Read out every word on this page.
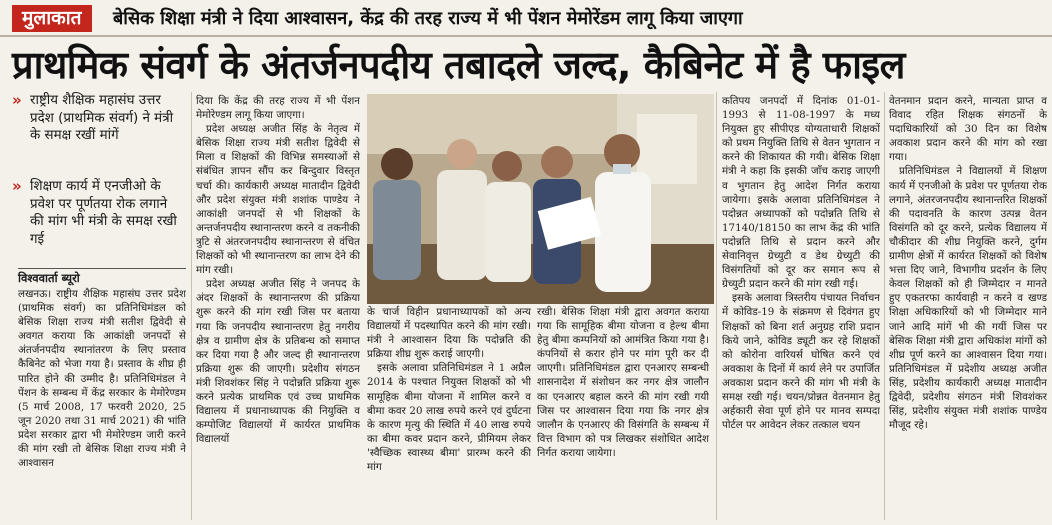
मुलाकात	बेसिक शिक्षा मंत्री ने दिया आश्वासन, केंद्र की तरह राज्य में भी पेंशन मेमोरेंडम लागू किया जाएगा
प्राथमिक संवर्ग के अंतर्जनपदीय तबादले जल्द, कैबिनेट में है फाइल
» राष्ट्रीय शैक्षिक महासंघ उत्तर प्रदेश (प्राथमिक संवर्ग) ने मंत्री के समक्ष रखीं मांगें
» शिक्षण कार्य में एनजीओ के प्रवेश पर पूर्णतया रोक लगाने की मांग भी मंत्री के समक्ष रखी गई
विश्ववार्ता ब्यूरो

लखनऊ। राष्ट्रीय शैक्षिक महासंघ उत्तर प्रदेश (प्राथमिक संवर्ग) का प्रतिनिधिमंडल को बेसिक शिक्षा राज्य मंत्री सतीश द्विवेदी से अवगत कराया कि आकांक्षी जनपदों से अंतर्जनपदीय स्थानांतरण के लिए प्रस्ताव कैबिनेट को भेजा गया है। प्रस्ताव के शीघ्र ही पारित होने की उम्मीद है। प्रतिनिधिमंडल ने पेंशन के सम्बन्ध में केंद्र सरकार के मेमोरेण्डम (5 मार्च 2008, 17 फरवरी 2020, 25 जून 2020 तथा 31 मार्च 2021) की भांति प्रदेश सरकार द्वारा भी मेमोरेण्डम जारी करने की मांग रखी तो बेसिक शिक्षा राज्य मंत्री ने आश्वासन

दिया कि केंद्र की तरह राज्य में भी पेंशन मेमोरेण्डम लागू किया जाएगा।

प्रदेश अध्यक्ष अजीत सिंह के नेतृत्व में बेसिक शिक्षा राज्य मंत्री सतीश द्विवेदी से मिला व शिक्षकों की विभिन्न समस्याओं से संबंधित ज्ञापन सौंप कर बिन्दुवार विस्तृत चर्चा की। कार्यकारी अध्यक्ष मातादीन द्विवेदी और प्रदेश संयुक्त मंत्री शशांक पाण्डेय ने आकांक्षी जनपदों से भी शिक्षकों के अन्तर्जनपदीय स्थानान्तरण करने व तकनीकी त्रुटि से अंतरजनपदीय स्थानान्तरण से वंचित शिक्षकों को भी स्थानान्तरण का लाभ देने की मांग रखी।

प्रदेश अध्यक्ष अजीत सिंह ने जनपद के अंदर शिक्षकों के स्थानान्तरण की प्रक्रिया शुरू करने की मांग रखी जिस पर बताया गया कि जनपदीय स्थानान्तरण हेतु नगरीय क्षेत्र व ग्रामीण क्षेत्र के प्रतिबन्ध को समाप्त कर दिया गया है और जल्द ही स्थानान्तरण प्रक्रिया शुरू की जाएगी। प्रदेशीय संगठन मंत्री शिवशंकर सिंह ने पदोन्नति प्रक्रिया शुरू करने प्रत्येक प्राथमिक एवं उच्च प्राथमिक विद्यालय में प्रधानाध्यापक की नियुक्ति व कम्पोजिट विद्यालयों में कार्यरत प्राथमिक विद्यालयों

के चार्ज विहीन प्रधानाध्यापकों को अन्य विद्यालयों में पदस्थापित करने की मांग रखी। मंत्री ने आश्वासन दिया कि पदोन्नति की प्रक्रिया शीघ्र शुरू कराई जाएगी।

इसके अलावा प्रतिनिधिमंडल ने 1 अप्रैल 2014 के पश्चात नियुक्त शिक्षकों को भी सामूहिक बीमा योजना में शामिल करने व बीमा कवर 20 लाख रुपये करने एवं दुर्घटना के कारण मृत्यु की स्थिति में 40 लाख रुपये का बीमा कवर प्रदान करने, प्रीमियम लेकर 'स्वैच्छिक स्वास्थ्य बीमा' प्रारम्भ करने की मांग

रखी। बेसिक शिक्षा मंत्री द्वारा अवगत कराया गया कि सामूहिक बीमा योजना व हेल्थ बीमा हेतु बीमा कम्पनियों को आमंत्रित किया गया है। कंपनियों से करार होने पर मांग पूरी कर दी जाएगी। प्रतिनिधिमंडल द्वारा एनआरए सम्बन्धी शासनादेश में संशोधन कर नगर क्षेत्र जालौन का एनआरए बहाल करने की मांग रखी गयी जिस पर आश्वासन दिया गया कि नगर क्षेत्र जालौन के एनआरए की विसंगति के सम्बन्ध में वित्त विभाग को पत्र लिखकर संशोधित आदेश निर्गत कराया जायेगा।

कतिपय जनपदों में दिनांक 01-01-1993 से 11-08-1997 के मध्य नियुक्त हुए सीपीएड योग्यताधारी शिक्षकों को प्रथम नियुक्ति तिथि से वेतन भुगतान न करने की शिकायत की गयी। बेसिक शिक्षा मंत्री ने कहा कि इसकी जाँच कराइ जाएगी व भुगतान हेतु आदेश निर्गत कराया जायेगा। इसके अलावा प्रतिनिधिमंडल ने पदोन्नत अध्यापकों को पदोन्नति तिथि से 17140/18150 का लाभ केंद्र की भांति पदोन्नति तिथि से प्रदान करने और सेवानिवृत्त ग्रेच्युटी व डेथ ग्रेच्युटी की विसंगतियों को दूर कर समान रूप से ग्रेच्युटी प्रदान करने की मांग रखी गई।

इसके अलावा त्रिस्तरीय पंचायत निर्वाचन में कोविड-19 के संक्रमण से दिवंगत हुए शिक्षकों को बिना शर्त अनुग्रह राशि प्रदान किये जाने, कोविड ड्यूटी कर रहे शिक्षकों को कोरोना वारियर्स घोषित करने एवं अवकाश के दिनों में कार्य लेने पर उपार्जित अवकाश प्रदान करने की मांग भी मंत्री के समक्ष रखी गई। चयन/प्रोन्नत वेतनमान हेतु अर्हकारी सेवा पूर्ण होने पर मानव सम्पदा पोर्टल पर आवेदन लेकर तत्काल चयन

वेतनमान प्रदान करने, मान्यता प्राप्त व विवाद रहित शिक्षक संगठनों के पदाधिकारियों को 30 दिन का विशेष अवकाश प्रदान करने की मांग को रखा गया।

प्रतिनिधिमंडल ने विद्यालयों में शिक्षण कार्य में एनजीओ के प्रवेश पर पूर्णतया रोक लगाने, अंतरजनपदीय स्थानान्तरित शिक्षकों की पदावनति के कारण उत्पन्न वेतन विसंगति को दूर करने, प्रत्येक विद्यालय में चौकीदार की शीघ्र नियुक्ति करने, दुर्गम ग्रामीण क्षेत्रों में कार्यरत शिक्षकों को विशेष भत्ता दिए जाने, विभागीय प्रदर्शन के लिए केवल शिक्षकों को ही जिम्मेदार न मानते हुए एकतरफा कार्यवाही न करने व खण्ड शिक्षा अधिकारियों को भी जिम्मेदार माने जाने आदि मांगें भी की गयीं जिस पर बेसिक शिक्षा मंत्री द्वारा अधिकांश मांगों को शीघ्र पूर्ण करने का आश्वासन दिया गया। प्रतिनिधिमंडल में प्रदेशीय अध्यक्ष अजीत सिंह, प्रदेशीय कार्यकारी अध्यक्ष मातादीन द्विवेदी, प्रदेशीय संगठन मंत्री शिवशंकर सिंह, प्रदेशीय संयुक्त मंत्री शशांक पाण्डेय मौजूद रहे।
